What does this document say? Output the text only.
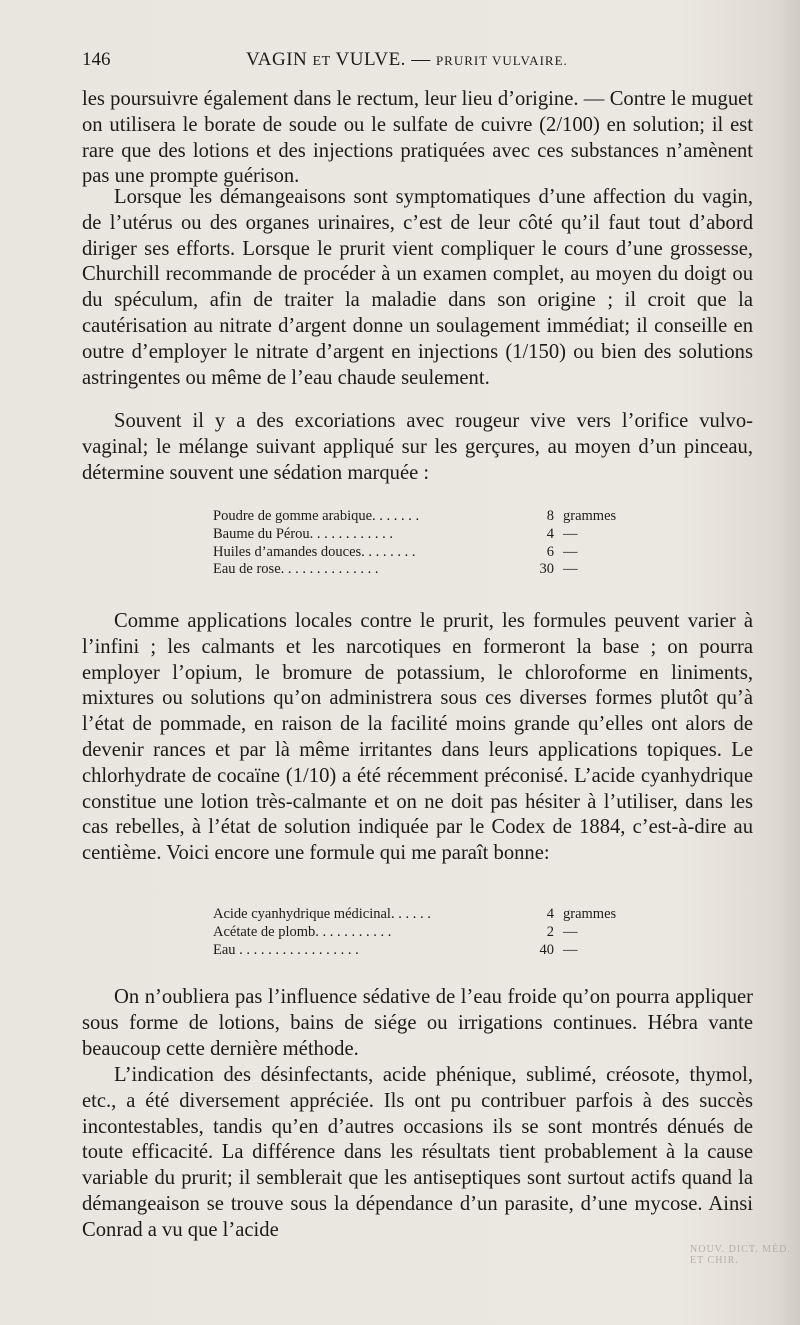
146	VAGIN ET VULVE. — PRURIT VULVAIRE.
les poursuivre également dans le rectum, leur lieu d’origine. — Contre le muguet on utilisera le borate de soude ou le sulfate de cuivre (2/100) en solution; il est rare que des lotions et des injections pratiquées avec ces substances n’amènent pas une prompte guérison.
Lorsque les démangeaisons sont symptomatiques d’une affection du vagin, de l’utérus ou des organes urinaires, c’est de leur côté qu’il faut tout d’abord diriger ses efforts. Lorsque le prurit vient compliquer le cours d’une grossesse, Churchill recommande de procéder à un examen complet, au moyen du doigt ou du spéculum, afin de traiter la maladie dans son origine ; il croit que la cautérisation au nitrate d’argent donne un soulagement immédiat; il conseille en outre d’employer le nitrate d’argent en injections (1/150) ou bien des solutions astringentes ou même de l’eau chaude seulement.
Souvent il y a des excoriations avec rougeur vive vers l’orifice vulvo-vaginal; le mélange suivant appliqué sur les gerçures, au moyen d’un pinceau, détermine souvent une sédation marquée :
Poudre de gomme arabique. . . . . . .	8 grammes
Baume du Pérou. . . . . . . . . . . .	4 —
Huiles d’amandes douces. . . . . . . .	6 —
Eau de rose. . . . . . . . . . . . . .	30 —
Comme applications locales contre le prurit, les formules peuvent varier à l’infini ; les calmants et les narcotiques en formeront la base ; on pourra employer l’opium, le bromure de potassium, le chloroforme en liniments, mixtures ou solutions qu’on administrera sous ces diverses formes plutôt qu’à l’état de pommade, en raison de la facilité moins grande qu’elles ont alors de devenir rances et par là même irritantes dans leurs applications topiques. Le chlorhydrate de cocaïne (1/10) a été récemment préconisé. L’acide cyanhydrique constitue une lotion très-calmante et on ne doit pas hésiter à l’utiliser, dans les cas rebelles, à l’état de solution indiquée par le Codex de 1884, c’est-à-dire au centième. Voici encore une formule qui me paraît bonne:
Acide cyanhydrique médicinal. . . . . .	4 grammes
Acétate de plomb. . . . . . . . . . .	2 —
Eau . . . . . . . . . . . . . . . . .	40 —
On n’oubliera pas l’influence sédative de l’eau froide qu’on pourra appliquer sous forme de lotions, bains de siége ou irrigations continues. Hébra vante beaucoup cette dernière méthode.
L’indication des désinfectants, acide phénique, sublimé, créosote, thymol, etc., a été diversement appréciée. Ils ont pu contribuer parfois à des succès incontestables, tandis qu’en d’autres occasions ils se sont montrés dénués de toute efficacité. La différence dans les résultats tient probablement à la cause variable du prurit; il semblerait que les antiseptiques sont surtout actifs quand la démangeaison se trouve sous la dépendance d’un parasite, d’une mycose. Ainsi Conrad a vu que l’acide
NOUV. DICT. MÉD. ET CHIR.
